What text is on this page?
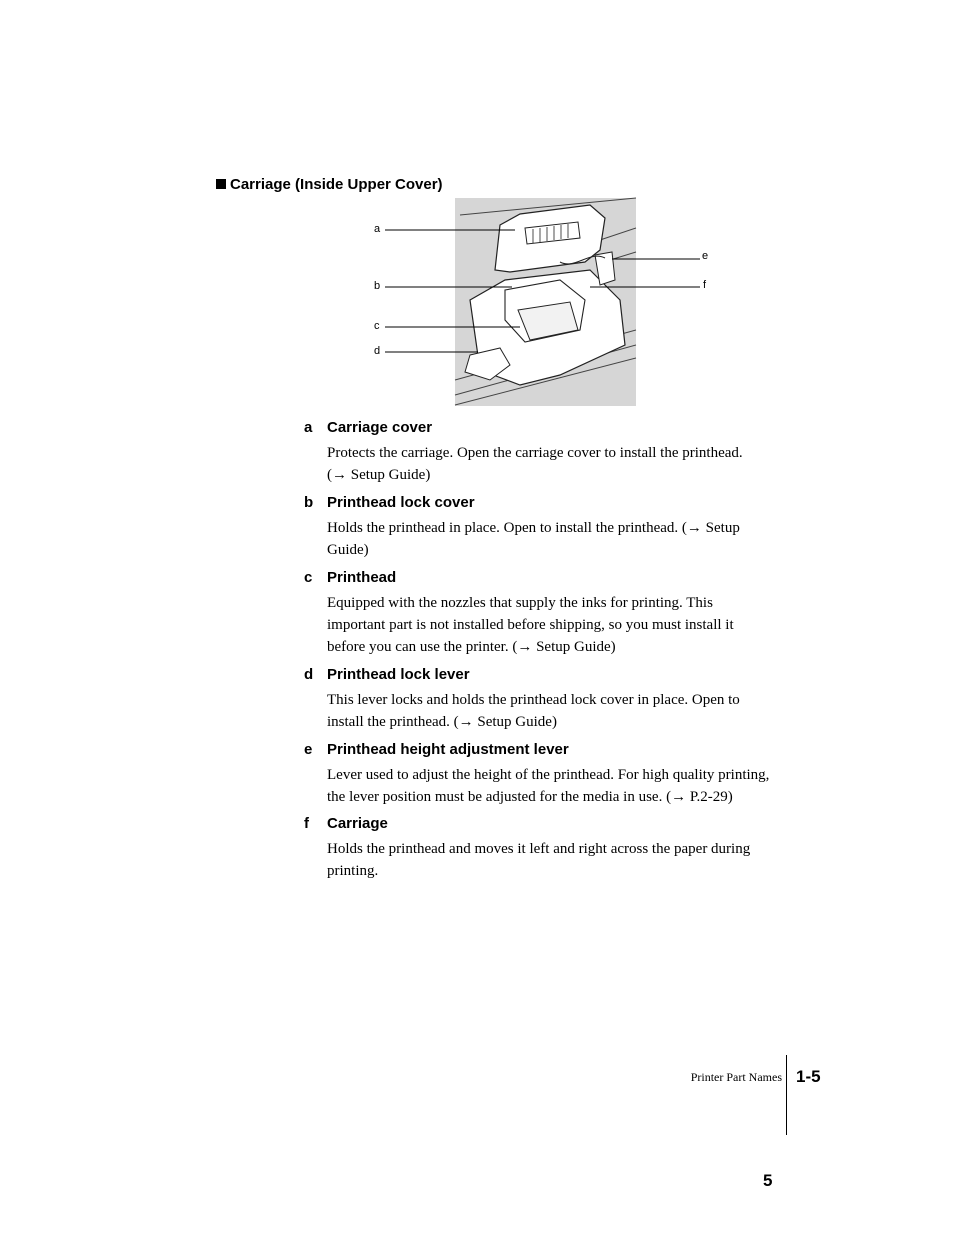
Carriage (Inside Upper Cover)
a
b
c
d
e
f
a Carriage cover
Protects the carriage. Open the carriage cover to install the printhead.
(→ Setup Guide)
b Printhead lock cover
Holds the printhead in place. Open to install the printhead. (→ Setup
Guide)
c Printhead
Equipped with the nozzles that supply the inks for printing. This
important part is not installed before shipping, so you must install it
before you can use the printer. (→ Setup Guide)
d Printhead lock lever
This lever locks and holds the printhead lock cover in place. Open to
install the printhead. (→ Setup Guide)
e Printhead height adjustment lever
Lever used to adjust the height of the printhead. For high quality printing,
the lever position must be adjusted for the media in use. (→ P.2-29)
f Carriage
Holds the printhead and moves it left and right across the paper during
printing.
Printer Part Names 1-5
5
